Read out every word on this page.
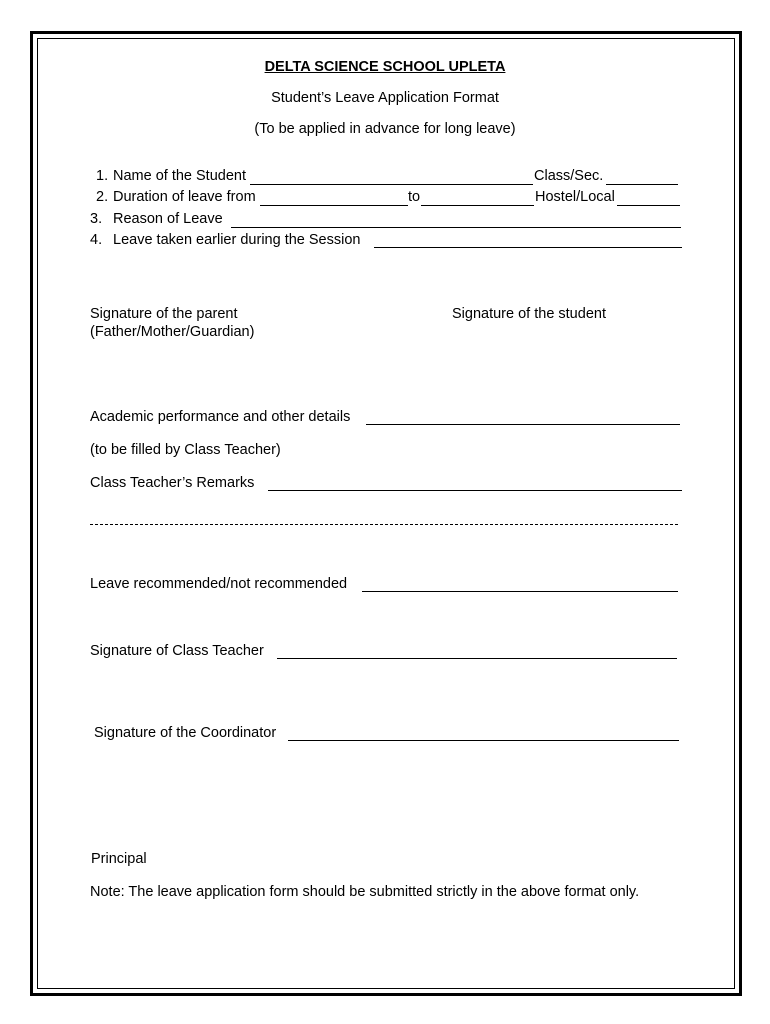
DELTA SCIENCE SCHOOL UPLETA
Student’s Leave Application Format
(To be applied in advance for long leave)
1. Name of the Student	Class/Sec.
2. Duration of leave from	to	Hostel/Local
3. Reason of Leave
4. Leave taken earlier during the Session
Signature of the parent
(Father/Mother/Guardian)
Signature of the student
Academic performance and other details
(to be filled by Class Teacher)
Class Teacher’s Remarks
Leave recommended/not recommended
Signature of Class Teacher
Signature of the Coordinator
Principal
Note: The leave application form should be submitted strictly in the above format only.
